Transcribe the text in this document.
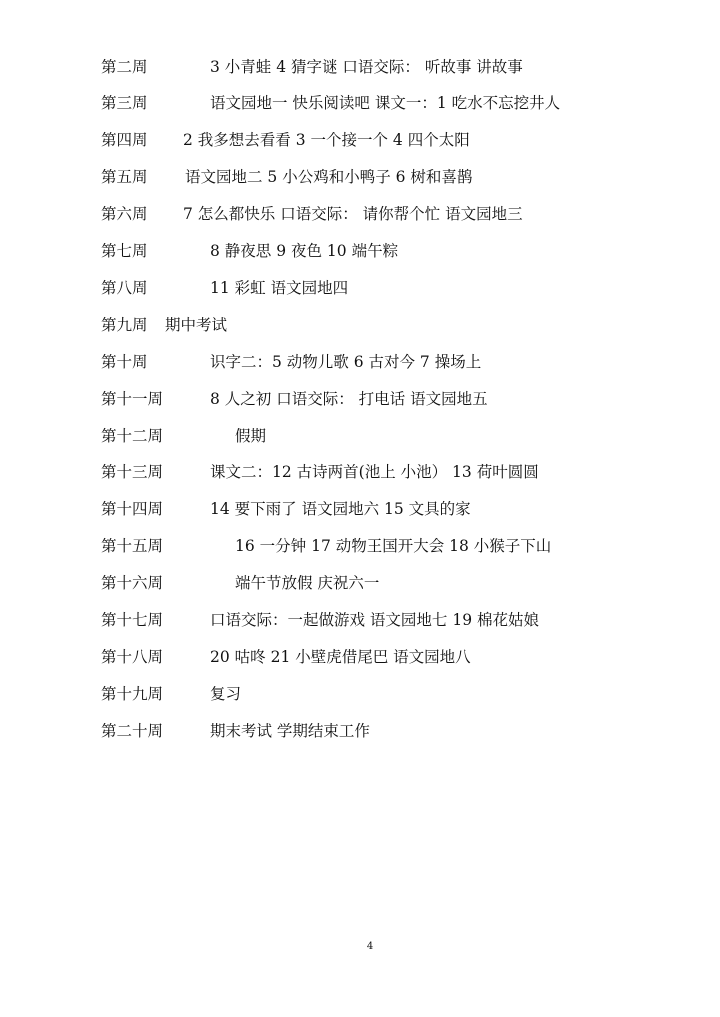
第二周	3 小青蛙 4 猜字谜 口语交际： 听故事 讲故事
第三周	语文园地一 快乐阅读吧 课文一：1 吃水不忘挖井人
第四周 2 我多想去看看 3 一个接一个 4 四个太阳
第五周 语文园地二 5 小公鸡和小鸭子 6 树和喜鹊
第六周 7 怎么都快乐 口语交际： 请你帮个忙 语文园地三
第七周	8 静夜思 9 夜色 10 端午粽
第八周	11 彩虹 语文园地四
第九周 期中考试
第十周	识字二：5 动物儿歌 6 古对今 7 操场上
第十一周	8 人之初 口语交际： 打电话 语文园地五
第十二周	假期
第十三周	课文二：12 古诗两首(池上 小池） 13 荷叶圆圆
第十四周	14 要下雨了 语文园地六 15 文具的家
第十五周	16 一分钟 17 动物王国开大会 18 小猴子下山
第十六周	端午节放假 庆祝六一
第十七周	口语交际：一起做游戏 语文园地七 19 棉花姑娘
第十八周	20 咕咚 21 小壁虎借尾巴 语文园地八
第十九周	复习
第二十周	期末考试 学期结束工作
4
